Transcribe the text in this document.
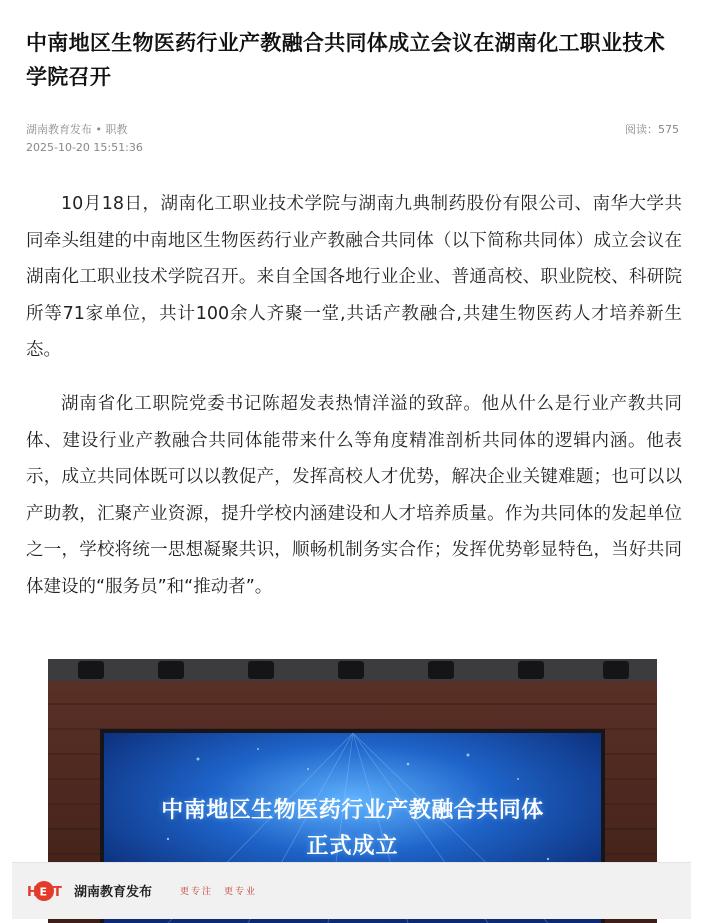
中南地区生物医药行业产教融合共同体成立会议在湖南化工职业技术学院召开
湖南教育发布 • 职教
2025-10-20 15:51:36
阅读：575

10月18日，湖南化工职业技术学院与湖南九典制药股份有限公司、南华大学共同牵头组建的中南地区生物医药行业产教融合共同体（以下简称共同体）成立会议在湖南化工职业技术学院召开。来自全国各地行业企业、普通高校、职业院校、科研院所等71家单位，共计100余人齐聚一堂,共话产教融合,共建生物医药人才培养新生态。

湖南省化工职院党委书记陈超发表热情洋溢的致辞。他从什么是行业产教共同体、建设行业产教融合共同体能带来什么等角度精准剖析共同体的逻辑内涵。他表示，成立共同体既可以以教促产，发挥高校人才优势，解决企业关键难题；也可以以产助教，汇聚产业资源，提升学校内涵建设和人才培养质量。作为共同体的发起单位之一，学校将统一思想凝聚共识，顺畅机制务实合作；发挥优势彰显特色，当好共同体建设的“服务员”和“推动者”。

中南地区生物医药行业产教融合共同体
正式成立
H E T 湖南教育发布	更专注　更专业
